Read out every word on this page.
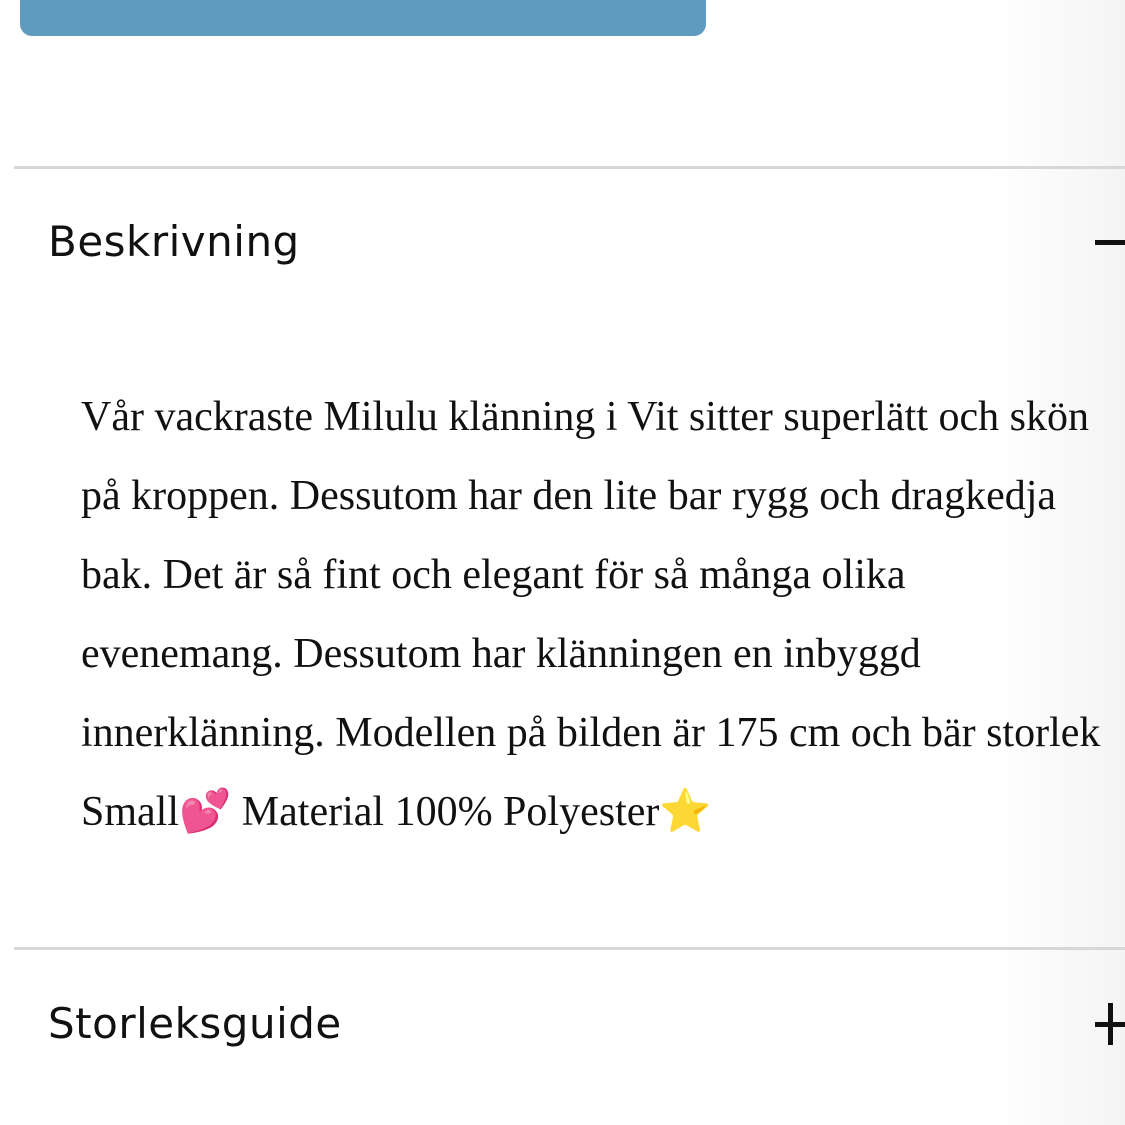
Beskrivning

Vår vackraste Milulu klänning i Vit sitter superlätt och skön på kroppen. Dessutom har den lite bar rygg och dragkedja bak. Det är så fint och elegant för så många olika evenemang. Dessutom har klänningen en inbyggd innerklänning. Modellen på bilden är 175 cm och bär storlek Small💕 Material 100% Polyester⭐️

Storleksguide
